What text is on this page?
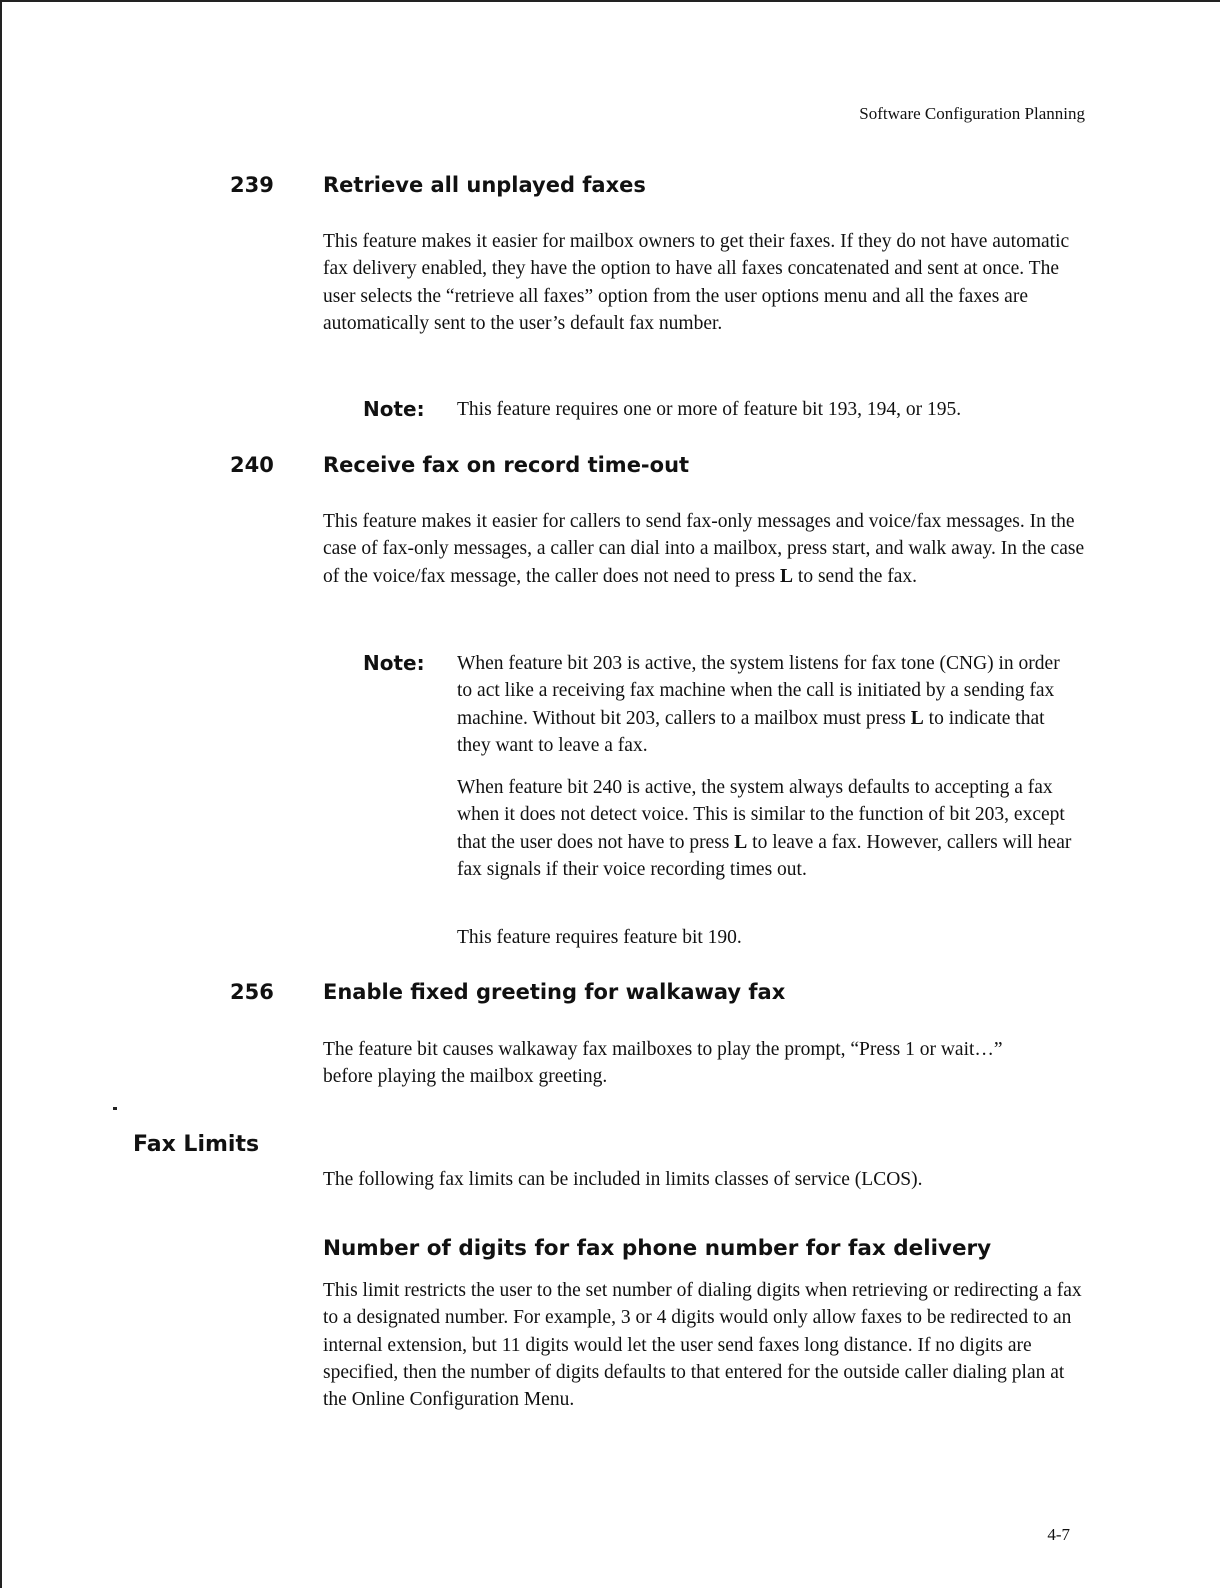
Software Configuration Planning
239 Retrieve all unplayed faxes

This feature makes it easier for mailbox owners to get their faxes. If they do not have automatic fax delivery enabled, they have the option to have all faxes concatenated and sent at once. The user selects the “retrieve all faxes” option from the user options menu and all the faxes are automatically sent to the user’s default fax number.

Note: This feature requires one or more of feature bit 193, 194, or 195.

240 Receive fax on record time-out

This feature makes it easier for callers to send fax-only messages and voice/fax messages. In the case of fax-only messages, a caller can dial into a mailbox, press start, and walk away. In the case of the voice/fax message, the caller does not need to press L to send the fax.

Note: When feature bit 203 is active, the system listens for fax tone (CNG) in order to act like a receiving fax machine when the call is initiated by a sending fax machine. Without bit 203, callers to a mailbox must press L to indicate that they want to leave a fax.

When feature bit 240 is active, the system always defaults to accepting a fax when it does not detect voice. This is similar to the function of bit 203, except that the user does not have to press L to leave a fax. However, callers will hear fax signals if their voice recording times out.

This feature requires feature bit 190.

256 Enable fixed greeting for walkaway fax

The feature bit causes walkaway fax mailboxes to play the prompt, “Press 1 or wait…” before playing the mailbox greeting.

Fax Limits

The following fax limits can be included in limits classes of service (LCOS).

Number of digits for fax phone number for fax delivery

This limit restricts the user to the set number of dialing digits when retrieving or redirecting a fax to a designated number. For example, 3 or 4 digits would only allow faxes to be redirected to an internal extension, but 11 digits would let the user send faxes long distance. If no digits are specified, then the number of digits defaults to that entered for the outside caller dialing plan at the Online Configuration Menu.

4-7
